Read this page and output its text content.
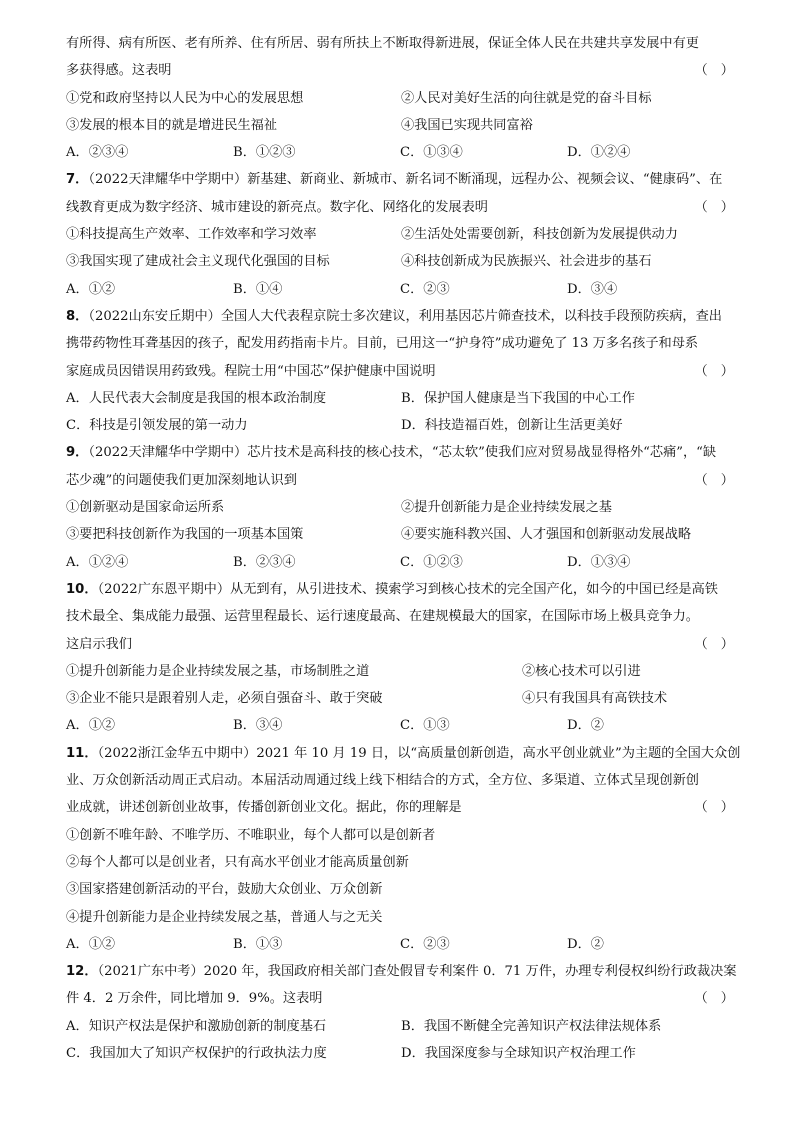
有所得、病有所医、老有所养、住有所居、弱有所扶上不断取得新进展，保证全体人民在共建共享发展中有更
多获得感。这表明	（　）
①党和政府坚持以人民为中心的发展思想	②人民对美好生活的向往就是党的奋斗目标
③发展的根本目的就是增进民生福祉	④我国已实现共同富裕
A．②③④	B．①②③	C．①③④	D．①②④
7．（2022天津耀华中学期中）新基建、新商业、新城市、新名词不断涌现，远程办公、视频会议、“健康码”、在
线教育更成为数字经济、城市建设的新亮点。数字化、网络化的发展表明	（　）
①科技提高生产效率、工作效率和学习效率	②生活处处需要创新，科技创新为发展提供动力
③我国实现了建成社会主义现代化强国的目标	④科技创新成为民族振兴、社会进步的基石
A．①②	B．①④	C．②③	D．③④
8．（2022山东安丘期中）全国人大代表程京院士多次建议，利用基因芯片筛查技术，以科技手段预防疾病，查出
携带药物性耳聋基因的孩子，配发用药指南卡片。目前，已用这一“护身符”成功避免了 13 万多名孩子和母系
家庭成员因错误用药致残。程院士用“中国芯”保护健康中国说明	（　）
A．人民代表大会制度是我国的根本政治制度	B．保护国人健康是当下我国的中心工作
C．科技是引领发展的第一动力	D．科技造福百姓，创新让生活更美好
9．（2022天津耀华中学期中）芯片技术是高科技的核心技术，“芯太软”使我们应对贸易战显得格外“芯痛”，“缺
芯少魂”的问题使我们更加深刻地认识到	（　）
①创新驱动是国家命运所系	②提升创新能力是企业持续发展之基
③要把科技创新作为我国的一项基本国策	④要实施科教兴国、人才强国和创新驱动发展战略
A．①②④	B．②③④	C．①②③	D．①③④
10．（2022广东恩平期中）从无到有，从引进技术、摸索学习到核心技术的完全国产化，如今的中国已经是高铁
技术最全、集成能力最强、运营里程最长、运行速度最高、在建规模最大的国家，在国际市场上极具竞争力。
这启示我们	（　）
①提升创新能力是企业持续发展之基，市场制胜之道	②核心技术可以引进
③企业不能只是跟着别人走，必须自强奋斗、敢于突破	④只有我国具有高铁技术
A．①②	B．③④	C．①③	D．②
11．（2022浙江金华五中期中）2021 年 10 月 19 日，以“高质量创新创造，高水平创业就业”为主题的全国大众创
业、万众创新活动周正式启动。本届活动周通过线上线下相结合的方式，全方位、多渠道、立体式呈现创新创
业成就，讲述创新创业故事，传播创新创业文化。据此，你的理解是	（　）
①创新不唯年龄、不唯学历、不唯职业，每个人都可以是创新者
②每个人都可以是创业者，只有高水平创业才能高质量创新
③国家搭建创新活动的平台，鼓励大众创业、万众创新
④提升创新能力是企业持续发展之基，普通人与之无关
A．①②	B．①③	C．②③	D．②
12．（2021广东中考）2020 年，我国政府相关部门查处假冒专利案件 0．71 万件，办理专利侵权纠纷行政裁决案
件 4．2 万余件，同比增加 9．9%。这表明	（　）
A．知识产权法是保护和激励创新的制度基石	B．我国不断健全完善知识产权法律法规体系
C．我国加大了知识产权保护的行政执法力度	D．我国深度参与全球知识产权治理工作
